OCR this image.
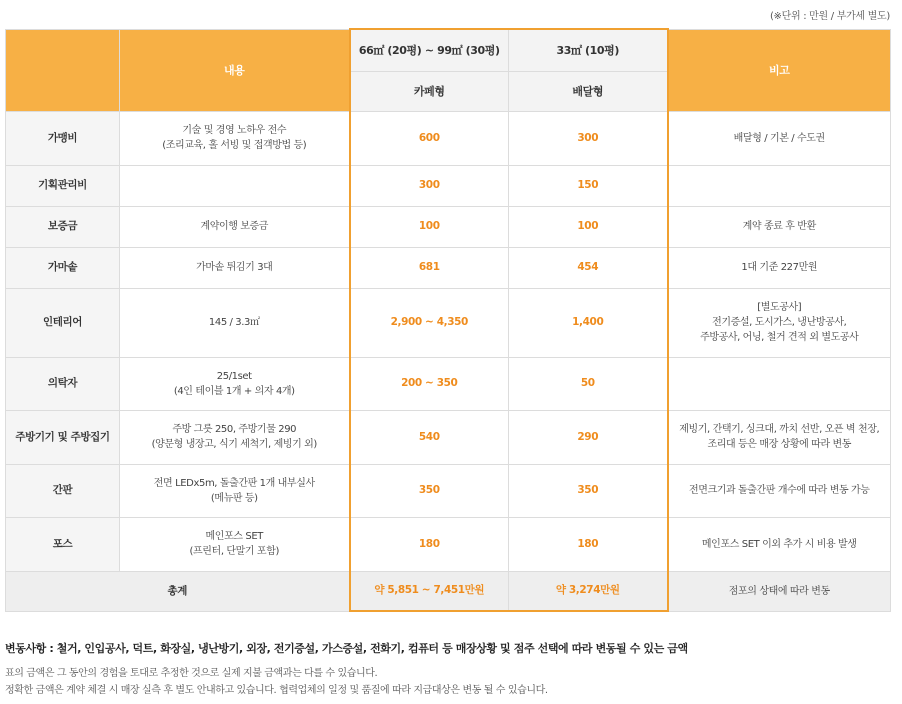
(※단위 : 만원 / 부가세 별도)
	내용	66㎡ (20평) ~ 99㎡ (30평)	33㎡ (10평)	비고
		카페형	배달형	
가맹비	기술 및 경영 노하우 전수
(조리교육, 홀 서빙 및 접객방법 등)	600	300	배달형 / 기본 / 수도권
기획관리비		300	150	
보증금	계약이행 보증금	100	100	계약 종료 후 반환
가마솥	가마솥 튀김기 3대	681	454	1대 기준 227만원
인테리어	145 / 3.3㎡	2,900 ~ 4,350	1,400	[별도공사]
전기증설, 도시가스, 냉난방공사,
주방공사, 어닝, 철거 견적 외 별도공사
의탁자	25/1set
(4인 테이블 1개 + 의자 4개)	200 ~ 350	50	
주방기기 및 주방집기	주방 그릇 250, 주방기물 290
(양문형 냉장고, 식기 세척기, 제빙기 외)	540	290	제빙기, 간택기, 싱크대, 까치 선반, 오픈 벽 천장,
조리대 등은 매장 상황에 따라 변동
간판	전면 LEDx5m, 돌출간판 1개 내부실사
(메뉴판 등)	350	350	전면크기과 돌출간판 개수에 따라 변동 가능
포스	메인포스 SET
(프린터, 단말기 포함)	180	180	메인포스 SET 이외 추가 시 비용 발생
총계		약 5,851 ~ 7,451만원	약 3,274만원	점포의 상태에 따라 변동
변동사항 : 철거, 인입공사, 덕트, 화장실, 냉난방기, 외장, 전기증설, 가스증설, 전화기, 컴퓨터 등 매장상황 및 점주 선택에 따라 변동될 수 있는 금액
표의 금액은 그 동안의 경험을 토대로 추정한 것으로 실제 지불 금액과는 다를 수 있습니다.
정확한 금액은 계약 체결 시 매장 실측 후 별도 안내하고 있습니다. 협력업체의 일정 및 품질에 따라 지급대상은 변동 될 수 있습니다.
